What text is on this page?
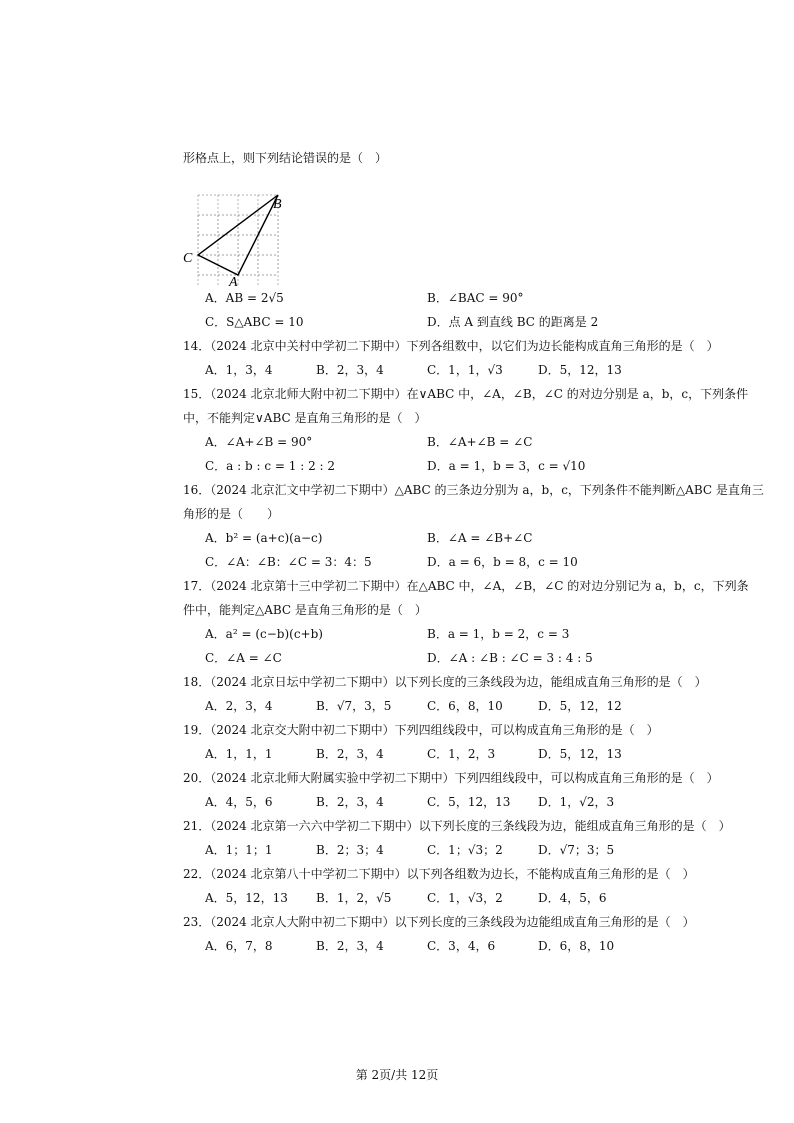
形格点上，则下列结论错误的是（　）
B
C
A
A．AB = 2√5	B．∠BAC = 90°
C．S△ABC = 10	D．点 A 到直线 BC 的距离是 2
14．（2024 北京中关村中学初二下期中）下列各组数中，以它们为边长能构成直角三角形的是（　）
A．1，3，4	B．2，3，4	C．1，1，√3	D．5，12，13
15．（2024 北京北师大附中初二下期中）在∨ABC 中，∠A，∠B，∠C 的对边分别是 a，b，c，下列条件
中，不能判定∨ABC 是直角三角形的是（　）
A．∠A+∠B = 90°	B．∠A+∠B = ∠C
C．a : b : c = 1 : 2 : 2	D．a = 1，b = 3，c = √10
16．（2024 北京汇文中学初二下期中）△ABC 的三条边分别为 a，b，c，下列条件不能判断△ABC 是直角三
角形的是（　　）
A．b² = (a+c)(a−c)	B．∠A = ∠B+∠C
C．∠A：∠B：∠C = 3：4：5	D．a = 6，b = 8，c = 10
17．（2024 北京第十三中学初二下期中）在△ABC 中，∠A，∠B，∠C 的对边分别记为 a，b，c，下列条
件中，能判定△ABC 是直角三角形的是（　）
A．a² = (c−b)(c+b)	B．a = 1，b = 2，c = 3
C．∠A = ∠C	D．∠A : ∠B : ∠C = 3 : 4 : 5
18．（2024 北京日坛中学初二下期中）以下列长度的三条线段为边，能组成直角三角形的是（　）
A．2，3，4	B．√7，3，5	C．6，8，10	D．5，12，12
19．（2024 北京交大附中初二下期中）下列四组线段中，可以构成直角三角形的是（　）
A．1，1，1	B．2，3，4	C．1，2，3	D．5，12，13
20．（2024 北京北师大附属实验中学初二下期中）下列四组线段中，可以构成直角三角形的是（　）
A．4，5，6	B．2，3，4	C．5，12，13	D．1，√2，3
21．（2024 北京第一六六中学初二下期中）以下列长度的三条线段为边，能组成直角三角形的是（　）
A．1；1；1	B．2；3；4	C．1；√3；2	D．√7；3；5
22．（2024 北京第八十中学初二下期中）以下列各组数为边长，不能构成直角三角形的是（　）
A．5，12，13	B．1，2，√5	C．1，√3，2	D．4，5，6
23．（2024 北京人大附中初二下期中）以下列长度的三条线段为边能组成直角三角形的是（　）
A．6，7，8	B．2，3，4	C．3，4，6	D．6，8，10
第 2页/共 12页
